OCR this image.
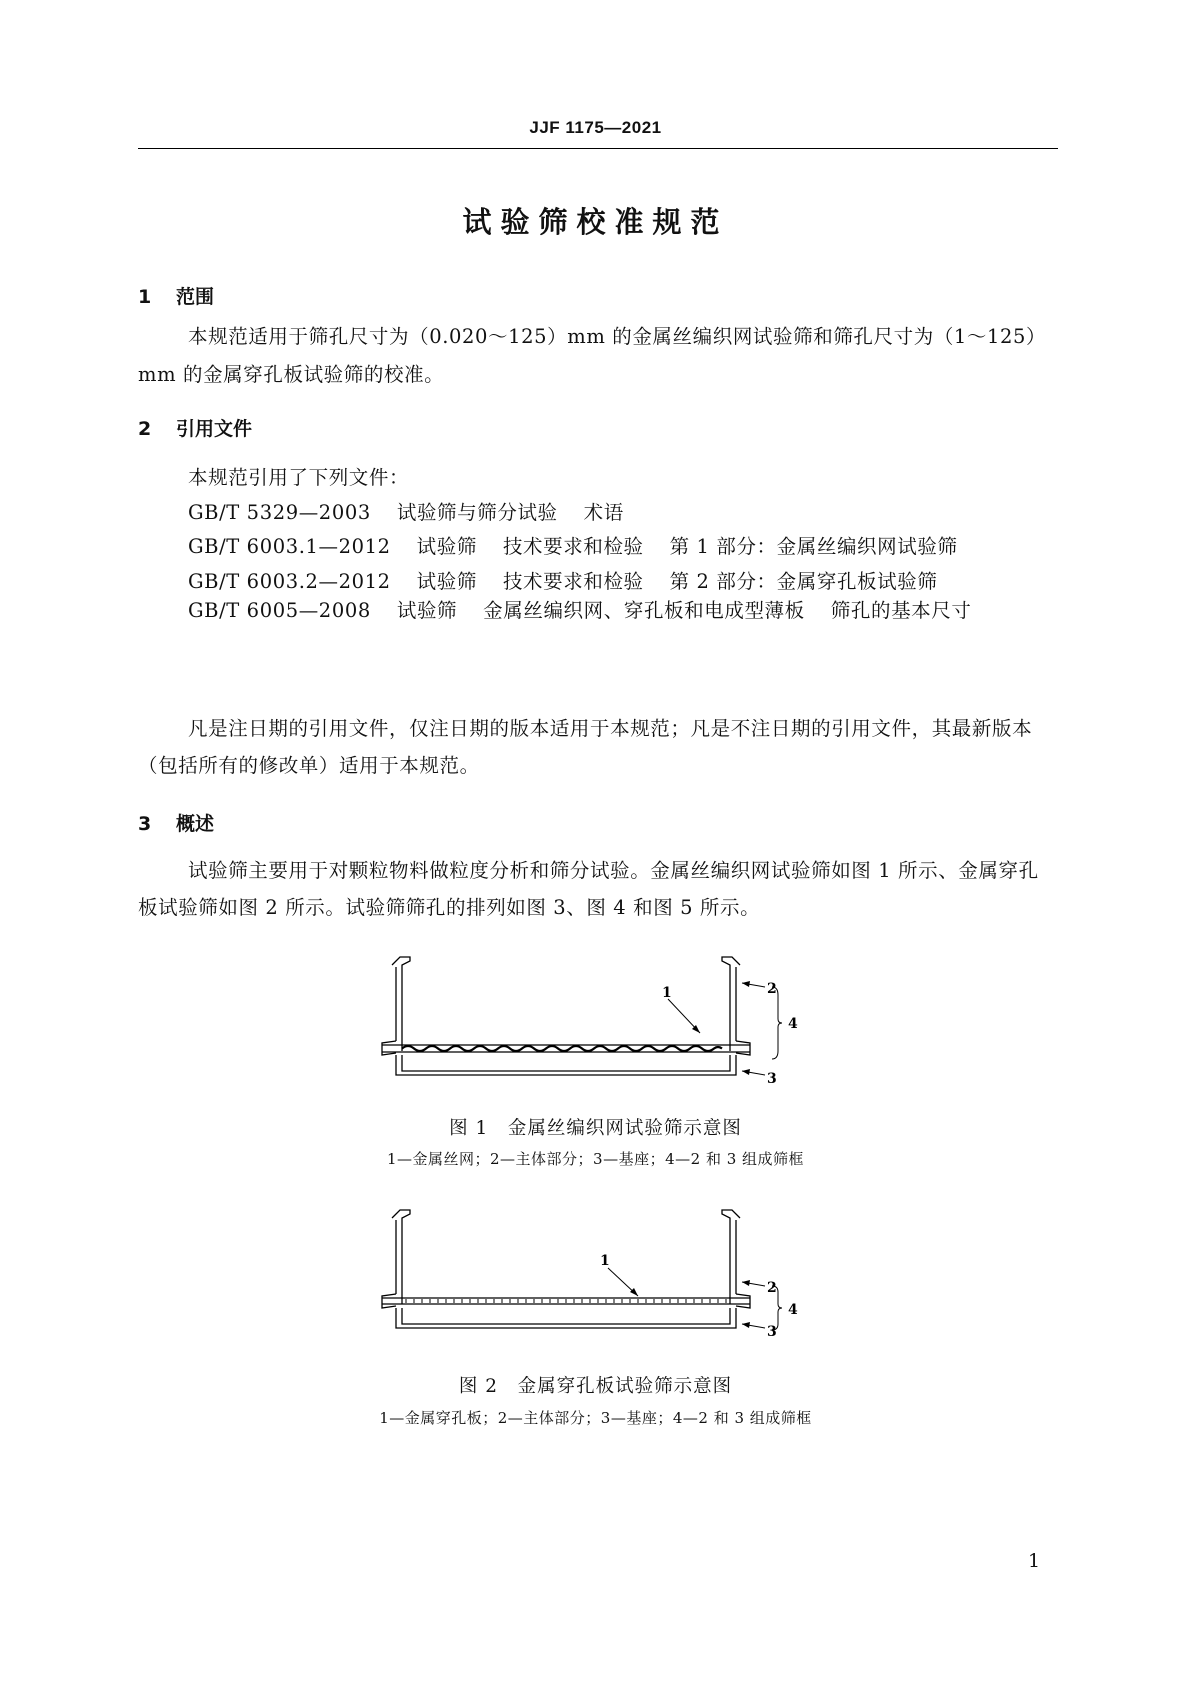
JJF 1175—2021
试验筛校准规范
1 范围
本规范适用于筛孔尺寸为（0.020～125）mm 的金属丝编织网试验筛和筛孔尺寸为（1～125）mm 的金属穿孔板试验筛的校准。
2 引用文件
本规范引用了下列文件：
GB/T 5329—2003 试验筛与筛分试验 术语
GB/T 6003.1—2012 试验筛 技术要求和检验 第 1 部分：金属丝编织网试验筛
GB/T 6003.2—2012 试验筛 技术要求和检验 第 2 部分：金属穿孔板试验筛
GB/T 6005—2008 试验筛 金属丝编织网、穿孔板和电成型薄板 筛孔的基本尺寸
凡是注日期的引用文件，仅注日期的版本适用于本规范；凡是不注日期的引用文件，其最新版本（包括所有的修改单）适用于本规范。
3 概述
试验筛主要用于对颗粒物料做粒度分析和筛分试验。金属丝编织网试验筛如图 1 所示、金属穿孔板试验筛如图 2 所示。试验筛筛孔的排列如图 3、图 4 和图 5 所示。
1	2
3
4
图 1　金属丝编织网试验筛示意图
1—金属丝网；2—主体部分；3—基座；4—2 和 3 组成筛框
1
2
3
4
图 2　金属穿孔板试验筛示意图
1—金属穿孔板；2—主体部分；3—基座；4—2 和 3 组成筛框
1
